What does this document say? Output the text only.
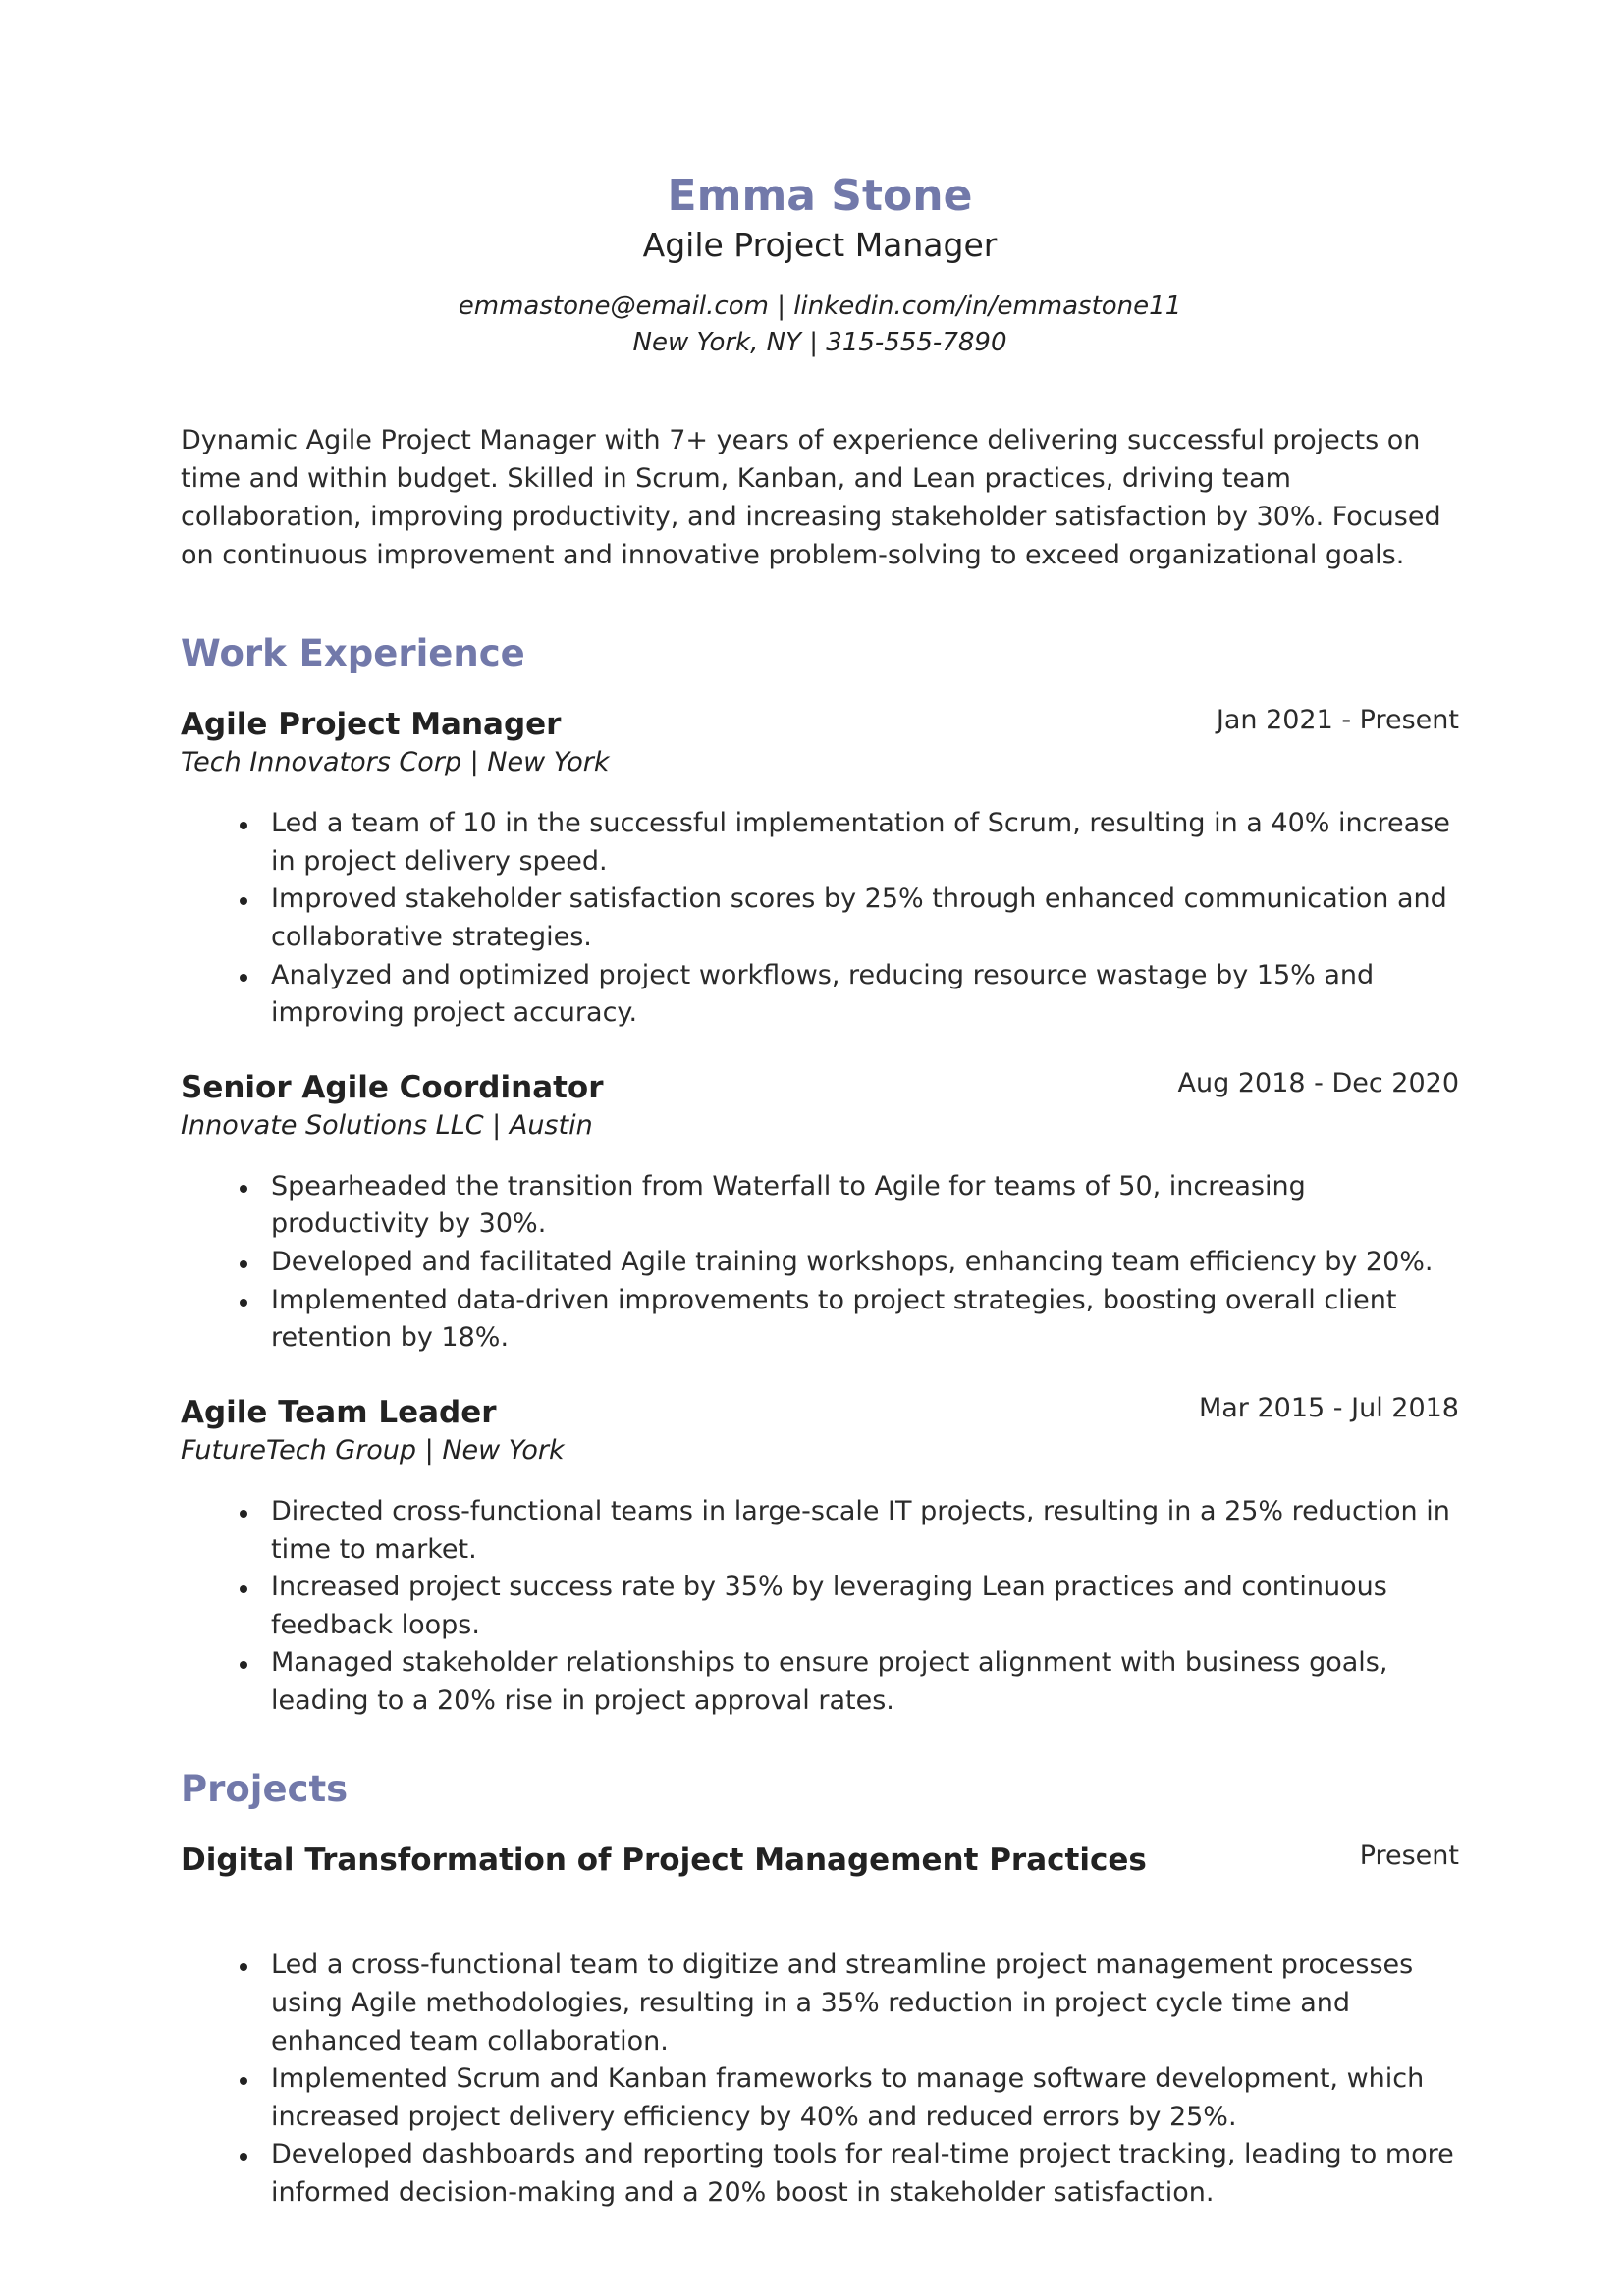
Emma Stone
Agile Project Manager
emmastone@email.com | linkedin.com/in/emmastone11
New York, NY | 315-555-7890
Dynamic Agile Project Manager with 7+ years of experience delivering successful projects on time and within budget. Skilled in Scrum, Kanban, and Lean practices, driving team collaboration, improving productivity, and increasing stakeholder satisfaction by 30%. Focused on continuous improvement and innovative problem-solving to exceed organizational goals.
Work Experience
Agile Project Manager	Jan 2021 - Present
Tech Innovators Corp | New York
Led a team of 10 in the successful implementation of Scrum, resulting in a 40% increase in project delivery speed.
Improved stakeholder satisfaction scores by 25% through enhanced communication and collaborative strategies.
Analyzed and optimized project workflows, reducing resource wastage by 15% and improving project accuracy.
Senior Agile Coordinator	Aug 2018 - Dec 2020
Innovate Solutions LLC | Austin
Spearheaded the transition from Waterfall to Agile for teams of 50, increasing productivity by 30%.
Developed and facilitated Agile training workshops, enhancing team efficiency by 20%.
Implemented data-driven improvements to project strategies, boosting overall client retention by 18%.
Agile Team Leader	Mar 2015 - Jul 2018
FutureTech Group | New York
Directed cross-functional teams in large-scale IT projects, resulting in a 25% reduction in time to market.
Increased project success rate by 35% by leveraging Lean practices and continuous feedback loops.
Managed stakeholder relationships to ensure project alignment with business goals, leading to a 20% rise in project approval rates.
Projects
Digital Transformation of Project Management Practices	Present
Led a cross-functional team to digitize and streamline project management processes using Agile methodologies, resulting in a 35% reduction in project cycle time and enhanced team collaboration.
Implemented Scrum and Kanban frameworks to manage software development, which increased project delivery efficiency by 40% and reduced errors by 25%.
Developed dashboards and reporting tools for real-time project tracking, leading to more informed decision-making and a 20% boost in stakeholder satisfaction.
